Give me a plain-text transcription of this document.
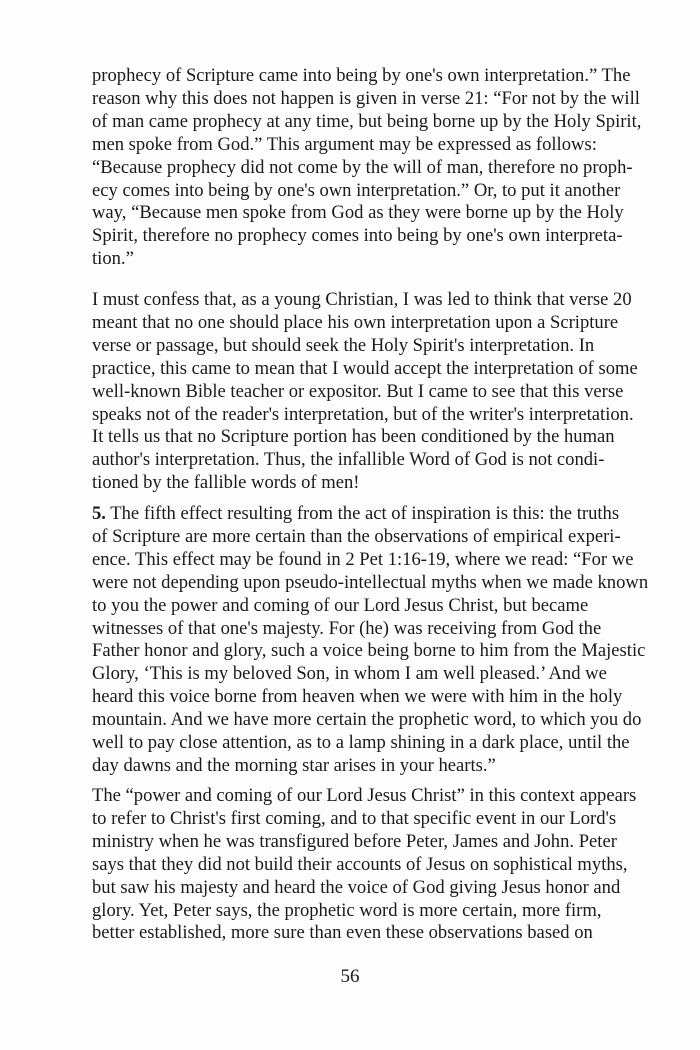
prophecy of Scripture came into being by one's own interpretation.” The
reason why this does not happen is given in verse 21: “For not by the will
of man came prophecy at any time, but being borne up by the Holy Spirit,
men spoke from God.” This argument may be expressed as follows:
“Because prophecy did not come by the will of man, therefore no proph-
ecy comes into being by one's own interpretation.” Or, to put it another
way, “Because men spoke from God as they were borne up by the Holy
Spirit, therefore no prophecy comes into being by one's own interpreta-
tion.”
I must confess that, as a young Christian, I was led to think that verse 20
meant that no one should place his own interpretation upon a Scripture
verse or passage, but should seek the Holy Spirit's interpretation. In
practice, this came to mean that I would accept the interpretation of some
well-known Bible teacher or expositor. But I came to see that this verse
speaks not of the reader's interpretation, but of the writer's interpretation.
It tells us that no Scripture portion has been conditioned by the human
author's interpretation. Thus, the infallible Word of God is not condi-
tioned by the fallible words of men!
5. The fifth effect resulting from the act of inspiration is this: the truths
of Scripture are more certain than the observations of empirical experi-
ence. This effect may be found in 2 Pet 1:16-19, where we read: “For we
were not depending upon pseudo-intellectual myths when we made known
to you the power and coming of our Lord Jesus Christ, but became
witnesses of that one's majesty. For (he) was receiving from God the
Father honor and glory, such a voice being borne to him from the Majestic
Glory, ‘This is my beloved Son, in whom I am well pleased.’ And we
heard this voice borne from heaven when we were with him in the holy
mountain. And we have more certain the prophetic word, to which you do
well to pay close attention, as to a lamp shining in a dark place, until the
day dawns and the morning star arises in your hearts.”
The “power and coming of our Lord Jesus Christ” in this context appears
to refer to Christ's first coming, and to that specific event in our Lord's
ministry when he was transfigured before Peter, James and John. Peter
says that they did not build their accounts of Jesus on sophistical myths,
but saw his majesty and heard the voice of God giving Jesus honor and
glory. Yet, Peter says, the prophetic word is more certain, more firm,
better established, more sure than even these observations based on
56
